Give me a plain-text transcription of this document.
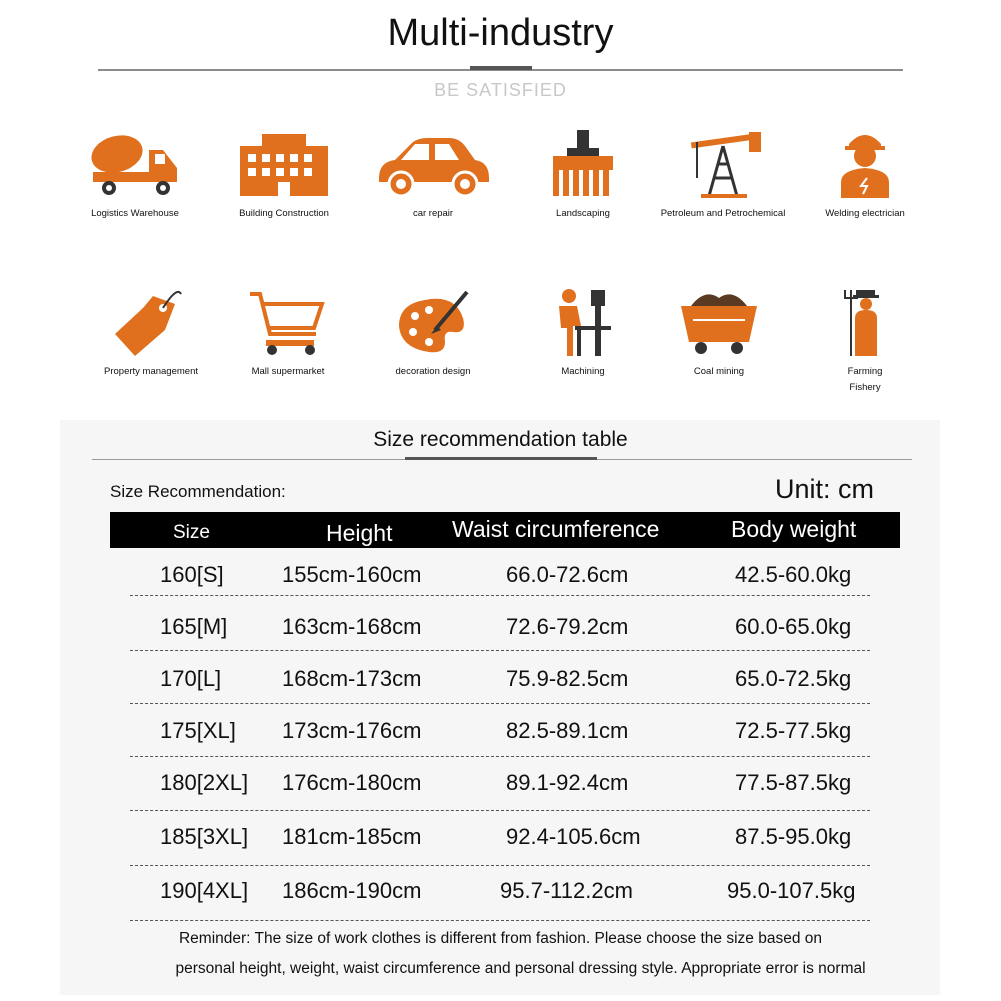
Multi-industry
BE SATISFIED
Logistics Warehouse	Building Construction	car repair	Landscaping	Petroleum and Petrochemical	Welding electrician
Property management	Mall supermarket	decoration design	Machining	Coal mining	Farming
Fishery
Size recommendation table
Size Recommendation:	Unit: cm
Size	Height	Waist circumference	Body weight
160[S]	155cm-160cm	66.0-72.6cm	42.5-60.0kg
165[M] 163cm-168cm	72.6-79.2cm	60.0-65.0kg
170[L]	168cm-173cm	75.9-82.5cm	65.0-72.5kg
175[XL] 173cm-176cm	82.5-89.1cm	72.5-77.5kg
180[2XL] 176cm-180cm	89.1-92.4cm	77.5-87.5kg
185[3XL] 181cm-185cm	92.4-105.6cm	87.5-95.0kg
190[4XL] 186cm-190cm	95.7-112.2cm	95.0-107.5kg
Reminder: The size of work clothes is different from fashion. Please choose the size based on
personal height, weight, waist circumference and personal dressing style. Appropriate error is normal
